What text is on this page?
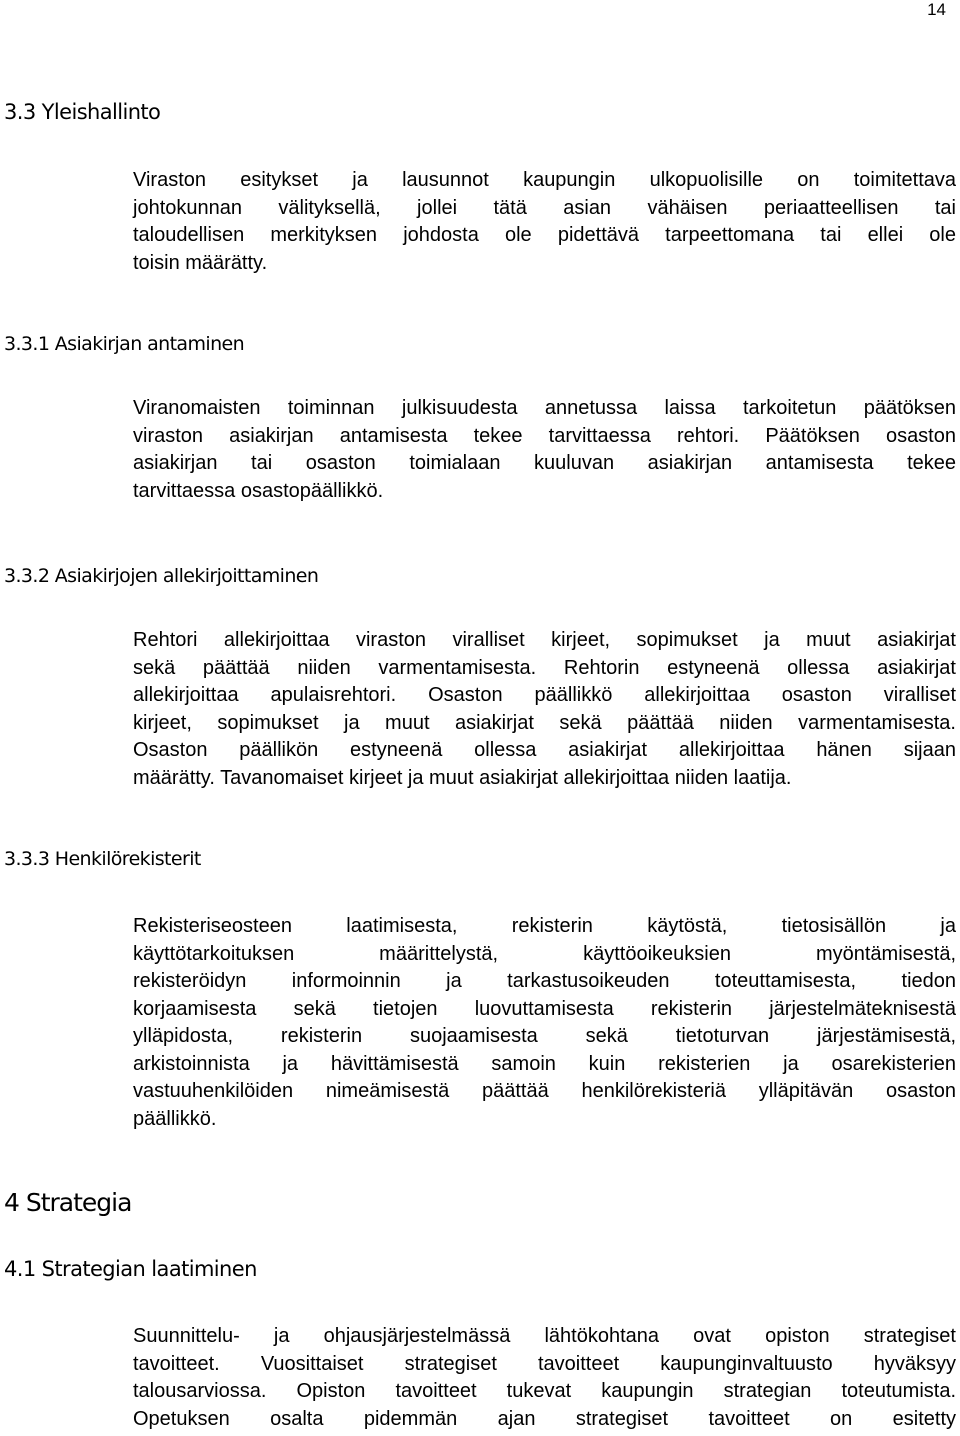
14
3.3 Yleishallinto
Viraston esitykset ja lausunnot kaupungin ulkopuolisille on toimitettava
johtokunnan välityksellä, jollei tätä asian vähäisen periaatteellisen tai
taloudellisen merkityksen johdosta ole pidettävä tarpeettomana tai ellei ole
toisin määrätty.
3.3.1 Asiakirjan antaminen
Viranomaisten toiminnan julkisuudesta annetussa laissa tarkoitetun päätöksen
viraston asiakirjan antamisesta tekee tarvittaessa rehtori. Päätöksen osaston
asiakirjan tai osaston toimialaan kuuluvan asiakirjan antamisesta tekee
tarvittaessa osastopäällikkö.
3.3.2 Asiakirjojen allekirjoittaminen
Rehtori allekirjoittaa viraston viralliset kirjeet, sopimukset ja muut asiakirjat
sekä päättää niiden varmentamisesta. Rehtorin estyneenä ollessa asiakirjat
allekirjoittaa apulaisrehtori. Osaston päällikkö allekirjoittaa osaston viralliset
kirjeet, sopimukset ja muut asiakirjat sekä päättää niiden varmentamisesta.
Osaston päällikön estyneenä ollessa asiakirjat allekirjoittaa hänen sijaan
määrätty. Tavanomaiset kirjeet ja muut asiakirjat allekirjoittaa niiden laatija.
3.3.3 Henkilörekisterit
Rekisteriseosteen laatimisesta, rekisterin käytöstä, tietosisällön ja
käyttötarkoituksen määrittelystä, käyttöoikeuksien myöntämisestä,
rekisteröidyn informoinnin ja tarkastusoikeuden toteuttamisesta, tiedon
korjaamisesta sekä tietojen luovuttamisesta rekisterin järjestelmäteknisestä
ylläpidosta, rekisterin suojaamisesta sekä tietoturvan järjestämisestä,
arkistoinnista ja hävittämisestä samoin kuin rekisterien ja osarekisterien
vastuuhenkilöiden nimeämisestä päättää henkilörekisteriä ylläpitävän osaston
päällikkö.
4 Strategia
4.1 Strategian laatiminen
Suunnittelu- ja ohjausjärjestelmässä lähtökohtana ovat opiston strategiset
tavoitteet. Vuosittaiset strategiset tavoitteet kaupunginvaltuusto hyväksyy
talousarviossa. Opiston tavoitteet tukevat kaupungin strategian toteutumista.
Opetuksen osalta pidemmän ajan strategiset tavoitteet on esitetty
